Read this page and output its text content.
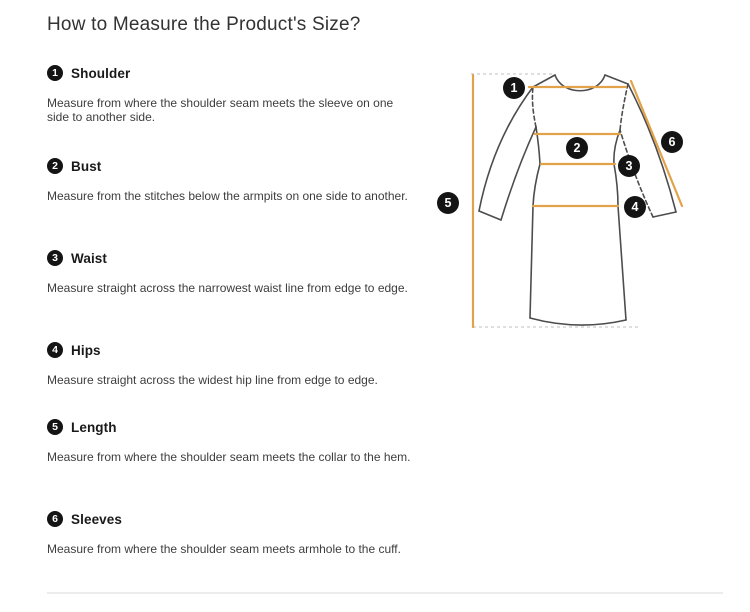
How to Measure the Product's Size?
1 Shoulder
Measure from where the shoulder seam meets the sleeve on one side to another side.
2 Bust
Measure from the stitches below the armpits on one side to another.
3 Waist
Measure straight across the narrowest waist line from edge to edge.
4 Hips
Measure straight across the widest hip line from edge to edge.
5 Length
Measure from where the shoulder seam meets the collar to the hem.
6 Sleeves
Measure from where the shoulder seam meets armhole to the cuff.
1
2
3
4
5
6
